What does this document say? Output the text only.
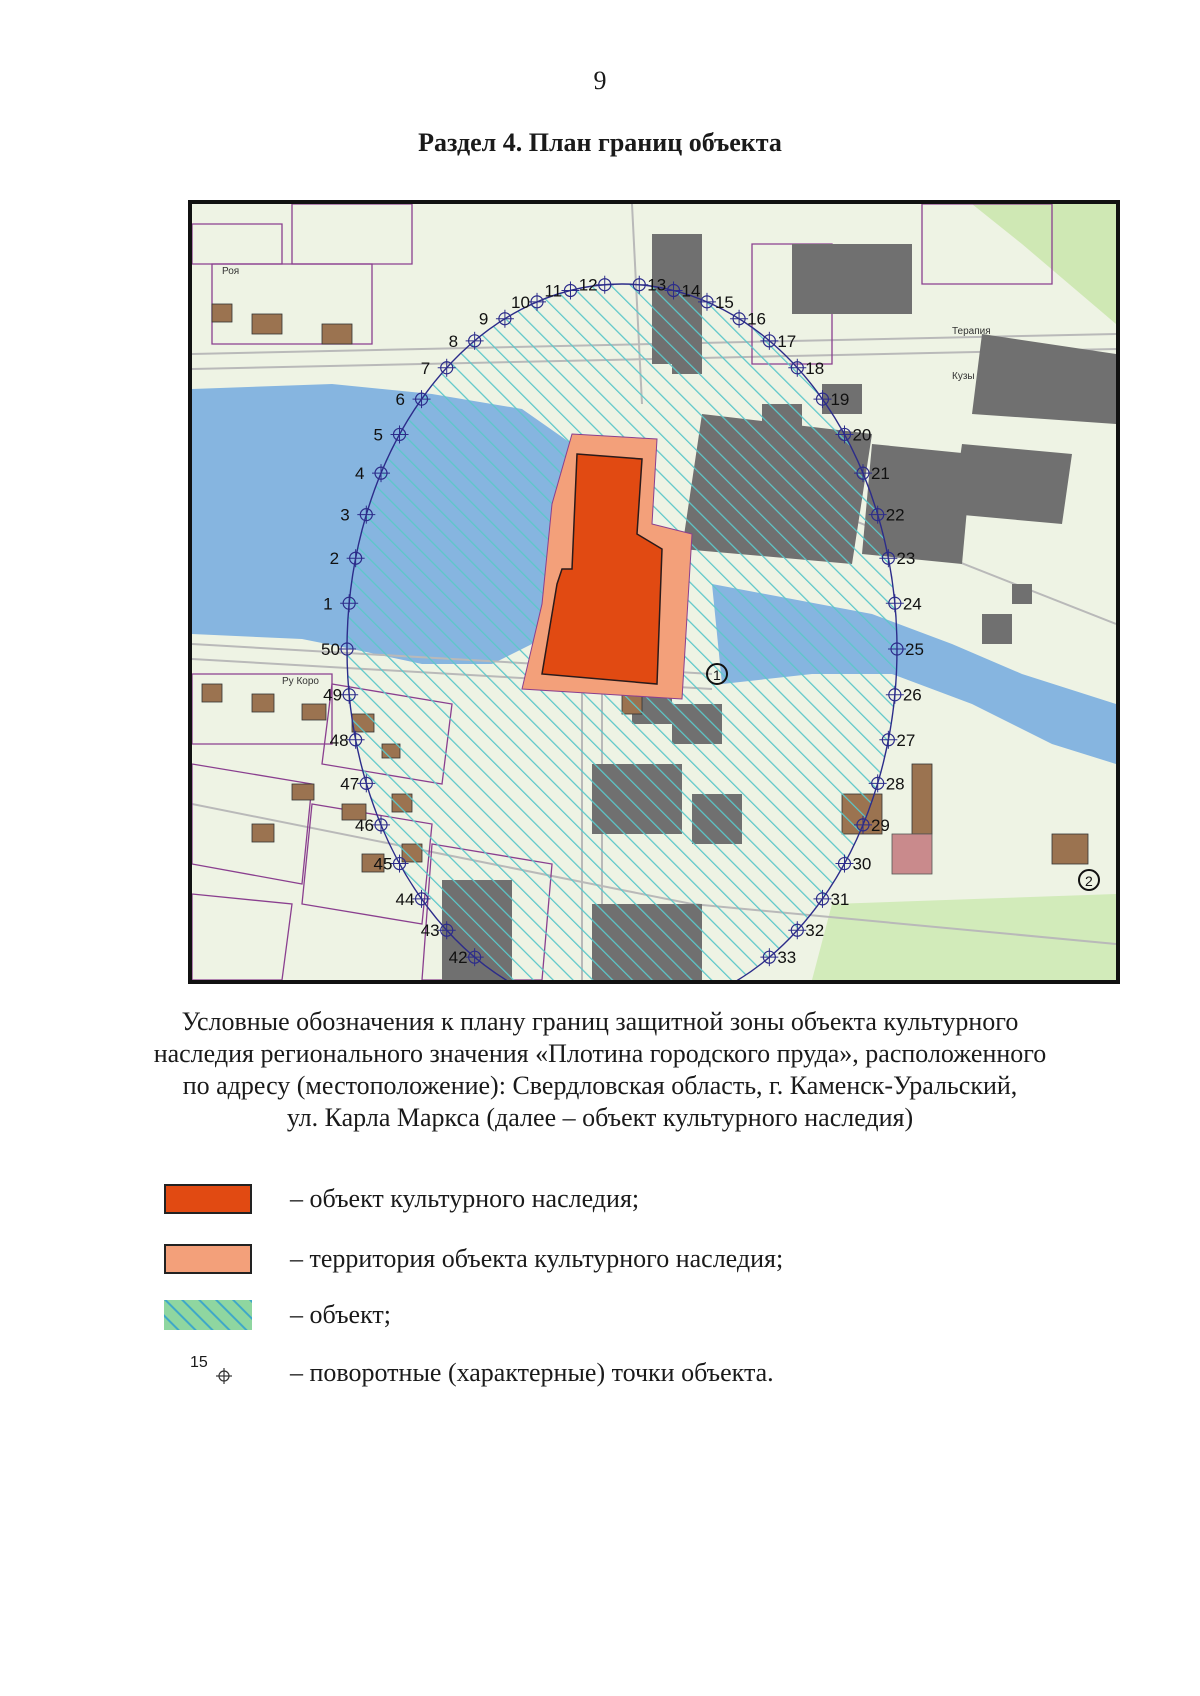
9
Раздел 4. План границ объекта
1
2
3
4
5
6
7
8
9
10
11 12	13 14
15
16
17
18
19
20
21
22
23
24
25
26
27
28
29
30
31
32
33
42
43
44
45
46
47
48
49
50
Терапия
Кузы
Роя
Ру Коро	1
2
Условные обозначения к плану границ защитной зоны объекта культурного
наследия регионального значения «Плотина городского пруда», расположенного
по адресу (местоположение): Свердловская область, г. Каменск-Уральский,
ул. Карла Маркса (далее – объект культурного наследия)
– объект культурного наследия;
– территория объекта культурного наследия;
– объект;
15	– поворотные (характерные) точки объекта.
